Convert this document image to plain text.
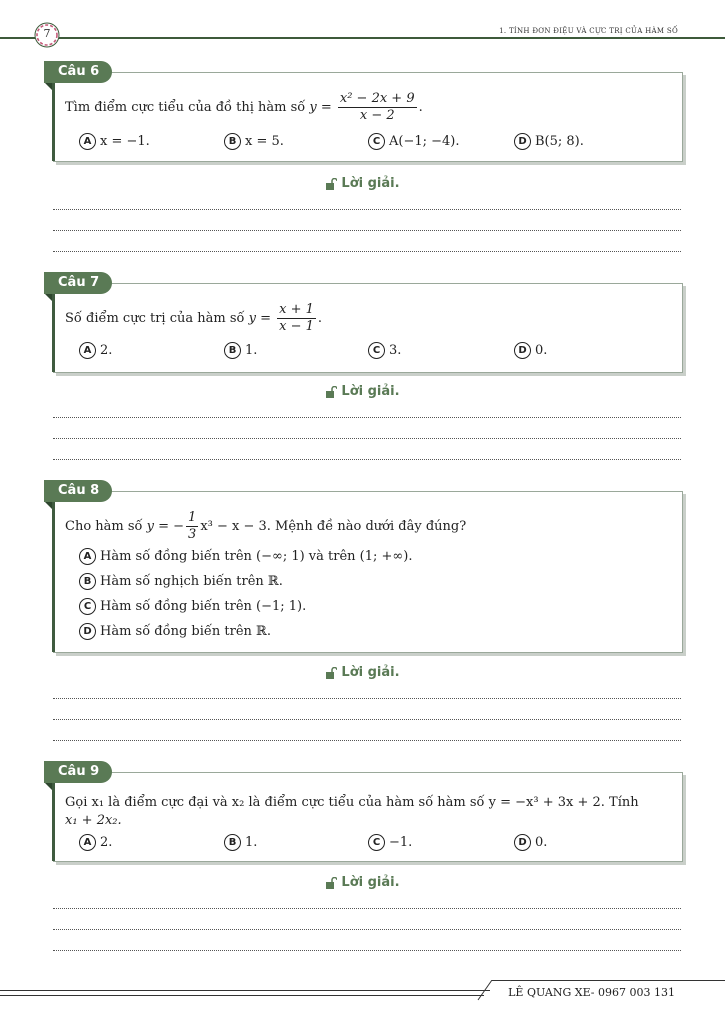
7	1. TÍNH ĐƠN ĐIỆU VÀ CỰC TRỊ CỦA HÀM SỐ
Tìm điểm cực tiểu của đồ thị hàm số $y = \frac{\text{x² − 2x + 9}}{x - 2}$ .
A x = −1.	B x = 5.	C A(−1; −4).	D B(5; 8).
Câu 6
Lời giải.
Số điểm cực trị của hàm số $y = \frac{x + 1}{x - 1}$ .
A 2.	B 1.	C 3.	D 0.
Câu 7
Lời giải.
Cho hàm số y = − $\frac{1}{3} x^3 - x - 3$. Mệnh đề nào dưới đây đúng?
A Hàm số đồng biến trên (−∞; 1) và trên (1; +∞).
B Hàm số nghịch biến trên ℝ.
C Hàm số đồng biến trên (−1; 1).
D Hàm số đồng biến trên ℝ.
Câu 8
Lời giải.
Gọi x₁ là điểm cực đại và x₂ là điểm cực tiểu của hàm số hàm số y = −x³ + 3x + 2. Tính
x₁ + 2x₂.
A 2.	B 1.	C −1.	D 0.
Câu 9
Lời giải.
LÊ QUANG XE- 0967 003 131
